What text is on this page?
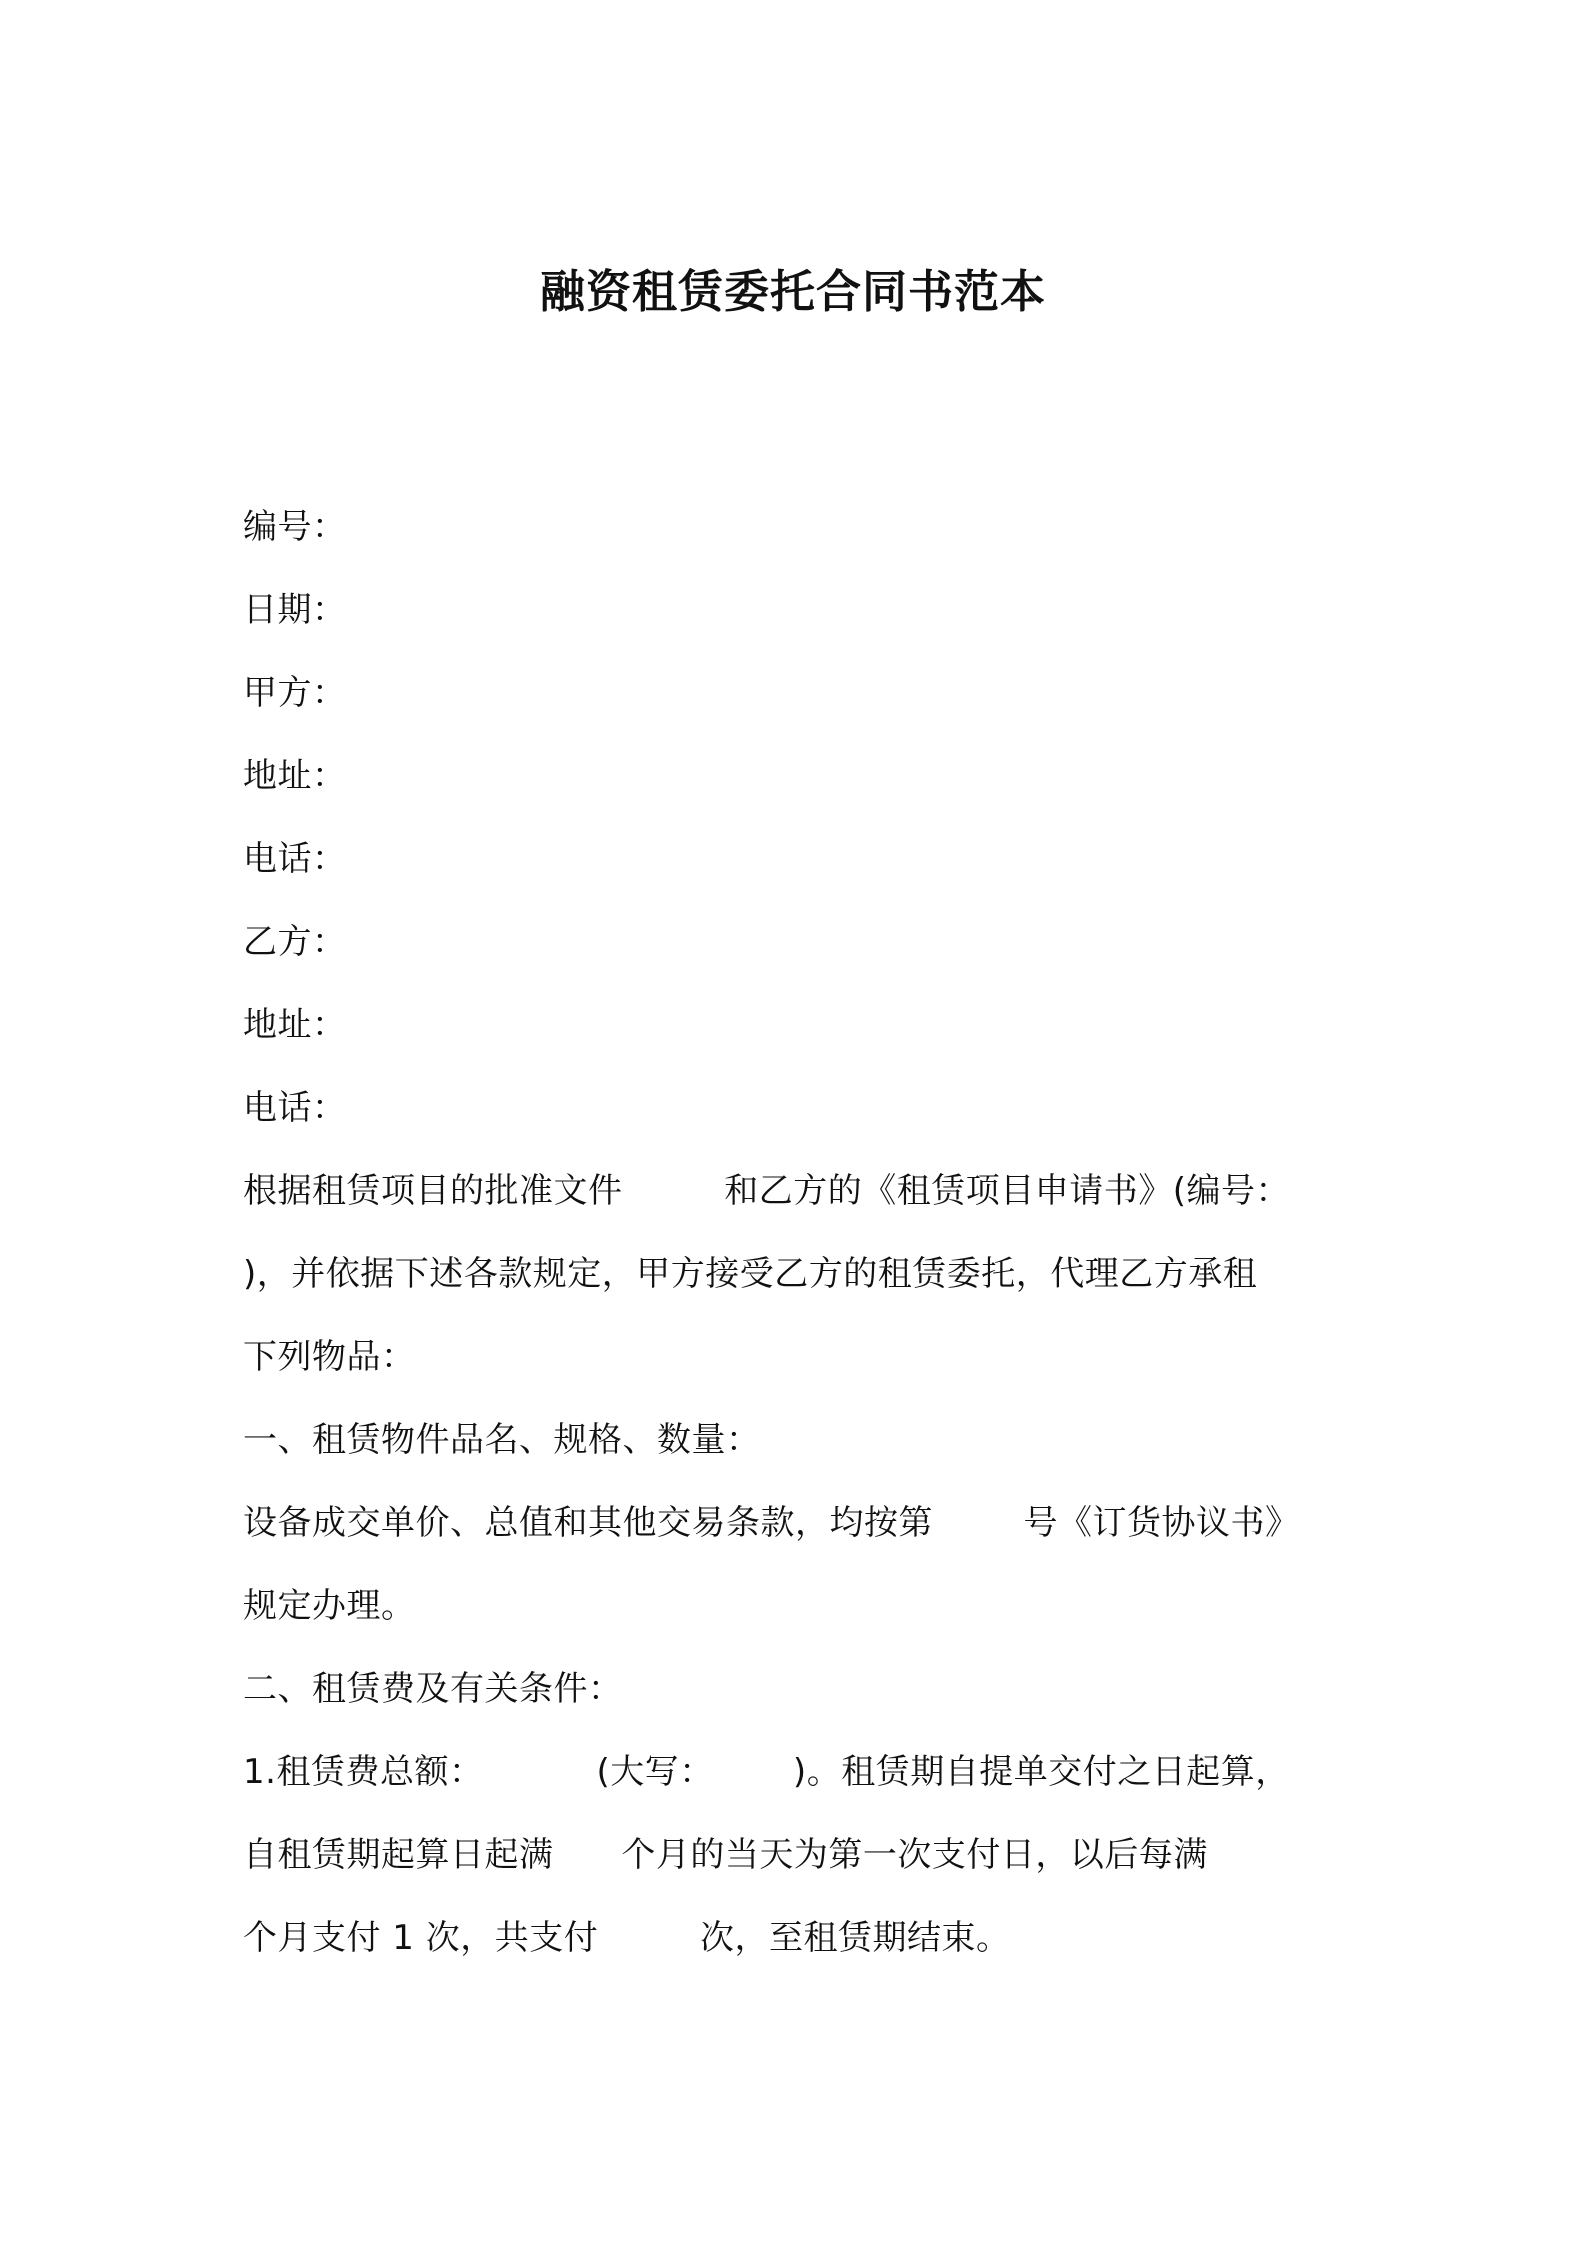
融资租赁委托合同书范本
编号：
日期：
甲方：
地址：
电话：
乙方：
地址：
电话：
根据租赁项目的批准文件         和乙方的《租赁项目申请书》(编号：
)，并依据下述各款规定，甲方接受乙方的租赁委托，代理乙方承租
下列物品：
一、租赁物件品名、规格、数量：
设备成交单价、总值和其他交易条款，均按第        号《订货协议书》
规定办理。
二、租赁费及有关条件：
1.租赁费总额：          (大写：       )。租赁期自提单交付之日起算，
自租赁期起算日起满      个月的当天为第一次支付日，以后每满
个月支付 1 次，共支付         次，至租赁期结束。
